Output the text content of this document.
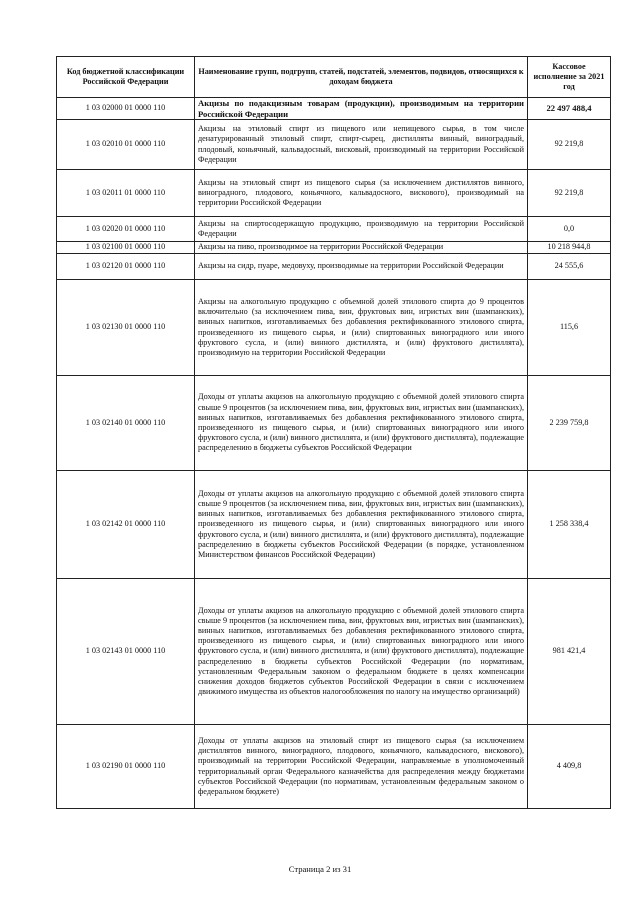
Код бюджетной классификации Российской Федерации	Наименование групп, подгрупп, статей, подстатей, элементов, подвидов, относящихся к доходам бюджета	Кассовое исполнение за 2021 год
1 03 02000 01 0000 110	Акцизы по подакцизным товарам (продукции), производимым на территории Российской Федерации	22 497 488,4
1 03 02010 01 0000 110	Акцизы на этиловый спирт из пищевого или непищевого сырья, в том числе денатурированный этиловый спирт, спирт-сырец, дистилляты винный, виноградный, плодовый, коньячный, кальвадосный, висковый, производимый на территории Российской Федерации	92 219,8
1 03 02011 01 0000 110	Акцизы на этиловый спирт из пищевого сырья (за исключением дистиллятов винного, виноградного, плодового, коньячного, кальвадосного, вискового), производимый на территории Российской Федерации	92 219,8
1 03 02020 01 0000 110	Акцизы на спиртосодержащую продукцию, производимую на территории Российской Федерации	0,0
1 03 02100 01 0000 110	Акцизы на пиво, производимое на территории Российской Федерации	10 218 944,8
1 03 02120 01 0000 110	Акцизы на сидр, пуаре, медовуху, производимые на территории Российской Федерации	24 555,6
1 03 02130 01 0000 110	Акцизы на алкогольную продукцию с объемной долей этилового спирта до 9 процентов включительно (за исключением пива, вин, фруктовых вин, игристых вин (шампанских), винных напитков, изготавливаемых без добавления ректификованного этилового спирта, произведенного из пищевого сырья, и (или) спиртованных виноградного или иного фруктового сусла, и (или) винного дистиллята, и (или) фруктового дистиллята), производимую на территории Российской Федерации	115,6
1 03 02140 01 0000 110	Доходы от уплаты акцизов на алкогольную продукцию с объемной долей этилового спирта свыше 9 процентов (за исключением пива, вин, фруктовых вин, игристых вин (шампанских), винных напитков, изготавливаемых без добавления ректификованного этилового спирта, произведенного из пищевого сырья, и (или) спиртованных виноградного или иного фруктового сусла, и (или) винного дистиллята, и (или) фруктового дистиллята), подлежащие распределению в бюджеты субъектов Российской Федерации	2 239 759,8
1 03 02142 01 0000 110	Доходы от уплаты акцизов на алкогольную продукцию с объемной долей этилового спирта свыше 9 процентов (за исключением пива, вин, фруктовых вин, игристых вин (шампанских), винных напитков, изготавливаемых без добавления ректификованного этилового спирта, произведенного из пищевого сырья, и (или) спиртованных виноградного или иного фруктового сусла, и (или) винного дистиллята, и (или) фруктового дистиллята), подлежащие распределению в бюджеты субъектов Российской Федерации (в порядке, установленном Министерством финансов Российской Федерации)	1 258 338,4
1 03 02143 01 0000 110	Доходы от уплаты акцизов на алкогольную продукцию с объемной долей этилового спирта свыше 9 процентов (за исключением пива, вин, фруктовых вин, игристых вин (шампанских), винных напитков, изготавливаемых без добавления ректификованного этилового спирта, произведенного из пищевого сырья, и (или) спиртованных виноградного или иного фруктового сусла, и (или) винного дистиллята, и (или) фруктового дистиллята), подлежащие распределению в бюджеты субъектов Российской Федерации (по нормативам, установленным Федеральным законом о федеральном бюджете в целях компенсации снижения доходов бюджетов субъектов Российской Федерации в связи с исключением движимого имущества из объектов налогообложения по налогу на имущество организаций)	981 421,4
1 03 02190 01 0000 110	Доходы от уплаты акцизов на этиловый спирт из пищевого сырья (за исключением дистиллятов винного, виноградного, плодового, коньячного, кальвадосного, вискового), производимый на территории Российской Федерации, направляемые в уполномоченный территориальный орган Федерального казначейства для распределения между бюджетами субъектов Российской Федерации (по нормативам, установленным федеральным законом о федеральном бюджете)	4 409,8
Страница 2 из 31
